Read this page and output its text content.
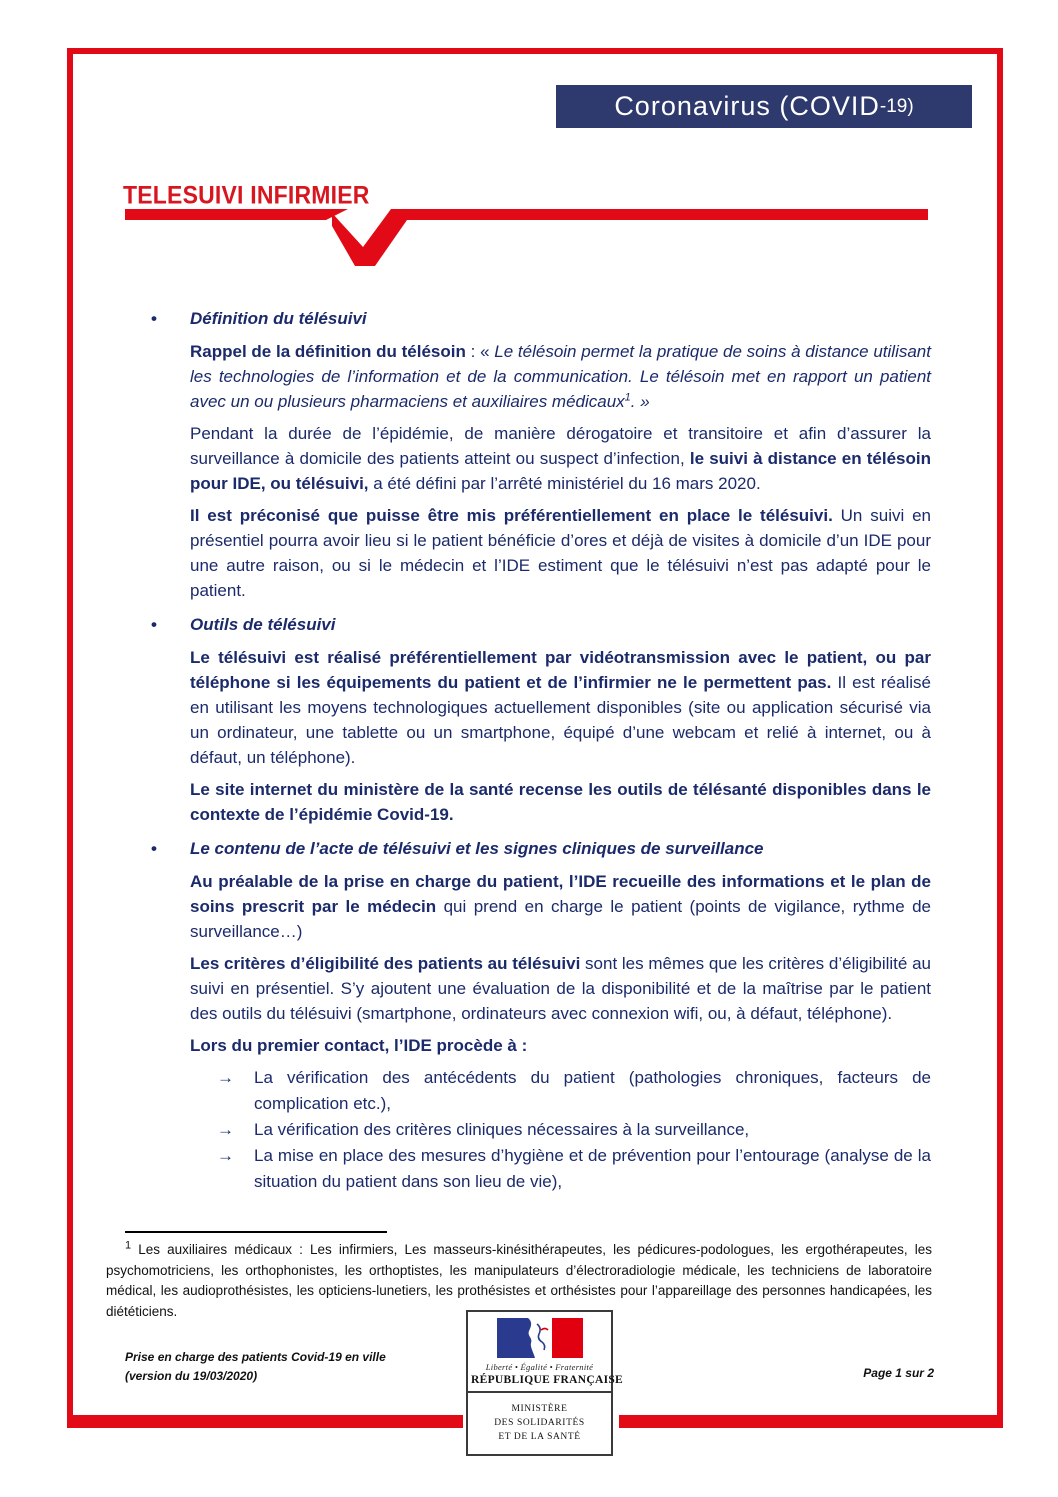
Coronavirus (COVID -19)
TELESUIVI INFIRMIER
•	Définition du télésuivi

Rappel de la définition du télésoin : « Le télésoin permet la pratique de soins à distance utilisant les technologies de l’information et de la communication. Le télésoin met en rapport un patient avec un ou plusieurs pharmaciens et auxiliaires médicaux$^1$. »

Pendant la durée de l’épidémie, de manière dérogatoire et transitoire et afin d’assurer la surveillance à domicile des patients atteint ou suspect d’infection, le suivi à distance en télésoin pour IDE, ou télésuivi, a été défini par l’arrêté ministériel du 16 mars 2020.

Il est préconisé que puisse être mis préférentiellement en place le télésuivi. Un suivi en présentiel pourra avoir lieu si le patient bénéficie d’ores et déjà de visites à domicile d’un IDE pour une autre raison, ou si le médecin et l’IDE estiment que le télésuivi n’est pas adapté pour le patient.

•	Outils de télésuivi

Le télésuivi est réalisé préférentiellement par vidéotransmission avec le patient, ou par téléphone si les équipements du patient et de l’infirmier ne le permettent pas. Il est réalisé en utilisant les moyens technologiques actuellement disponibles (site ou application sécurisé via un ordinateur, une tablette ou un smartphone, équipé d’une webcam et relié à internet, ou à défaut, un téléphone).

Le site internet du ministère de la santé recense les outils de télésanté disponibles dans le contexte de l’épidémie Covid-19.

•	Le contenu de l’acte de télésuivi et les signes cliniques de surveillance

Au préalable de la prise en charge du patient, l’IDE recueille des informations et le plan de soins prescrit par le médecin qui prend en charge le patient (points de vigilance, rythme de surveillance…)

Les critères d’éligibilité des patients au télésuivi sont les mêmes que les critères d’éligibilité au suivi en présentiel. S’y ajoutent une évaluation de la disponibilité et de la maîtrise par le patient des outils du télésuivi (smartphone, ordinateurs avec connexion wifi, ou, à défaut, téléphone).

Lors du premier contact, l’IDE procède à :

→	La vérification des antécédents du patient (pathologies chroniques, facteurs de complication etc.),
→	La vérification des critères cliniques nécessaires à la surveillance,
→	La mise en place des mesures d’hygiène et de prévention pour l’entourage (analyse de la situation du patient dans son lieu de vie),

$^1$ Les auxiliaires médicaux : Les infirmiers, Les masseurs-kinésithérapeutes, les pédicures-podologues, les ergothérapeutes, les psychomotriciens, les orthophonistes, les orthoptistes, les manipulateurs d’électroradiologie médicale, les techniciens de laboratoire médical, les audioprothésistes, les opticiens-lunetiers, les prothésistes et orthésistes pour l’appareillage des personnes handicapées, les diététiciens.

Prise en charge des patients Covid-19 en ville
(version du 19/03/2020)	Page 1 sur 2
Liberté • Égalité • Fraternité
RÉPUBLIQUE FRANÇAISE
MINISTÈRE
DES SOLIDARITÉS
ET DE LA SANTÉ
